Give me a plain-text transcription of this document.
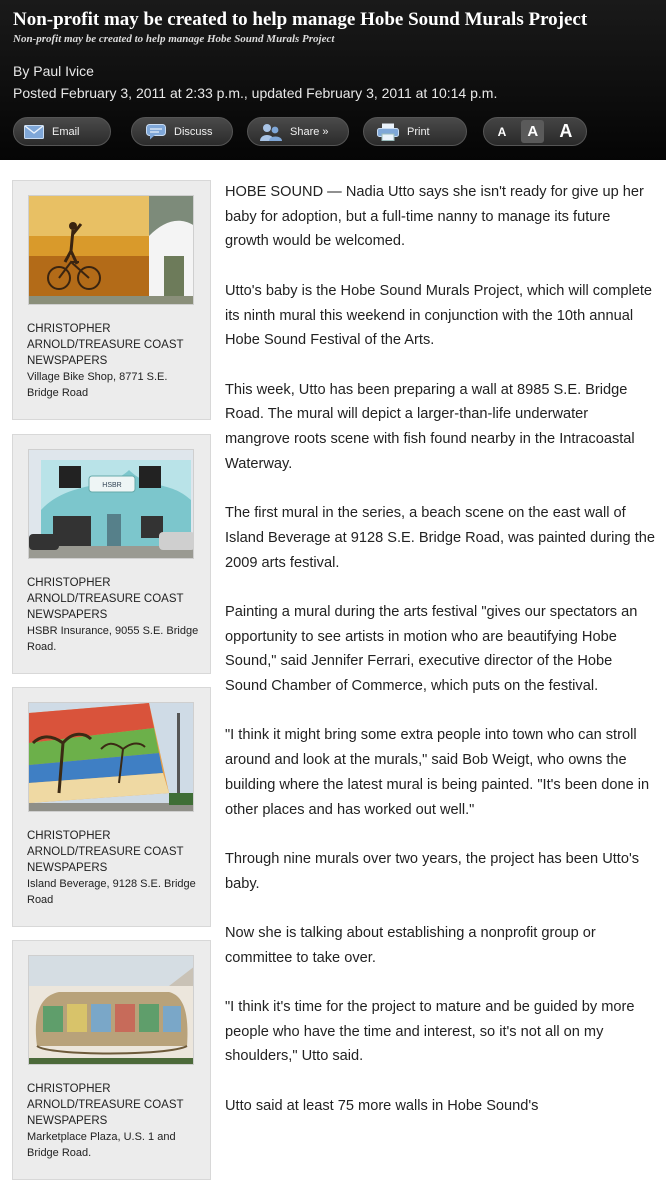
Non-profit may be created to help manage Hobe Sound Murals Project
Non-profit may be created to help manage Hobe Sound Murals Project
By Paul Ivice
Posted February 3, 2011 at 2:33 p.m., updated February 3, 2011 at 10:14 p.m.
Email	Discuss	Share »	Print	A	A	A
CHRISTOPHER ARNOLD/TREASURE COAST NEWSPAPERS
Village Bike Shop, 8771 S.E. Bridge Road
HSBR
CHRISTOPHER ARNOLD/TREASURE COAST NEWSPAPERS
HSBR Insurance, 9055 S.E. Bridge Road.
CHRISTOPHER ARNOLD/TREASURE COAST NEWSPAPERS
Island Beverage, 9128 S.E. Bridge Road
CHRISTOPHER ARNOLD/TREASURE COAST NEWSPAPERS
Marketplace Plaza, U.S. 1 and Bridge Road.

HOBE SOUND — Nadia Utto says she isn't ready for give up her baby for adoption, but a full-time nanny to manage its future growth would be welcomed.

Utto's baby is the Hobe Sound Murals Project, which will complete its ninth mural this weekend in conjunction with the 10th annual Hobe Sound Festival of the Arts.

This week, Utto has been preparing a wall at 8985 S.E. Bridge Road. The mural will depict a larger-than-life underwater mangrove roots scene with fish found nearby in the Intracoastal Waterway.

The first mural in the series, a beach scene on the east wall of Island Beverage at 9128 S.E. Bridge Road, was painted during the 2009 arts festival.

Painting a mural during the arts festival "gives our spectators an opportunity to see artists in motion who are beautifying Hobe Sound," said Jennifer Ferrari, executive director of the Hobe Sound Chamber of Commerce, which puts on the festival.

"I think it might bring some extra people into town who can stroll around and look at the murals," said Bob Weigt, who owns the building where the latest mural is being painted. "It's been done in other places and has worked out well."

Through nine murals over two years, the project has been Utto's baby.

Now she is talking about establishing a nonprofit group or committee to take over.

"I think it's time for the project to mature and be guided by more people who have the time and interest, so it's not all on my shoulders," Utto said.

Utto said at least 75 more walls in Hobe Sound's
